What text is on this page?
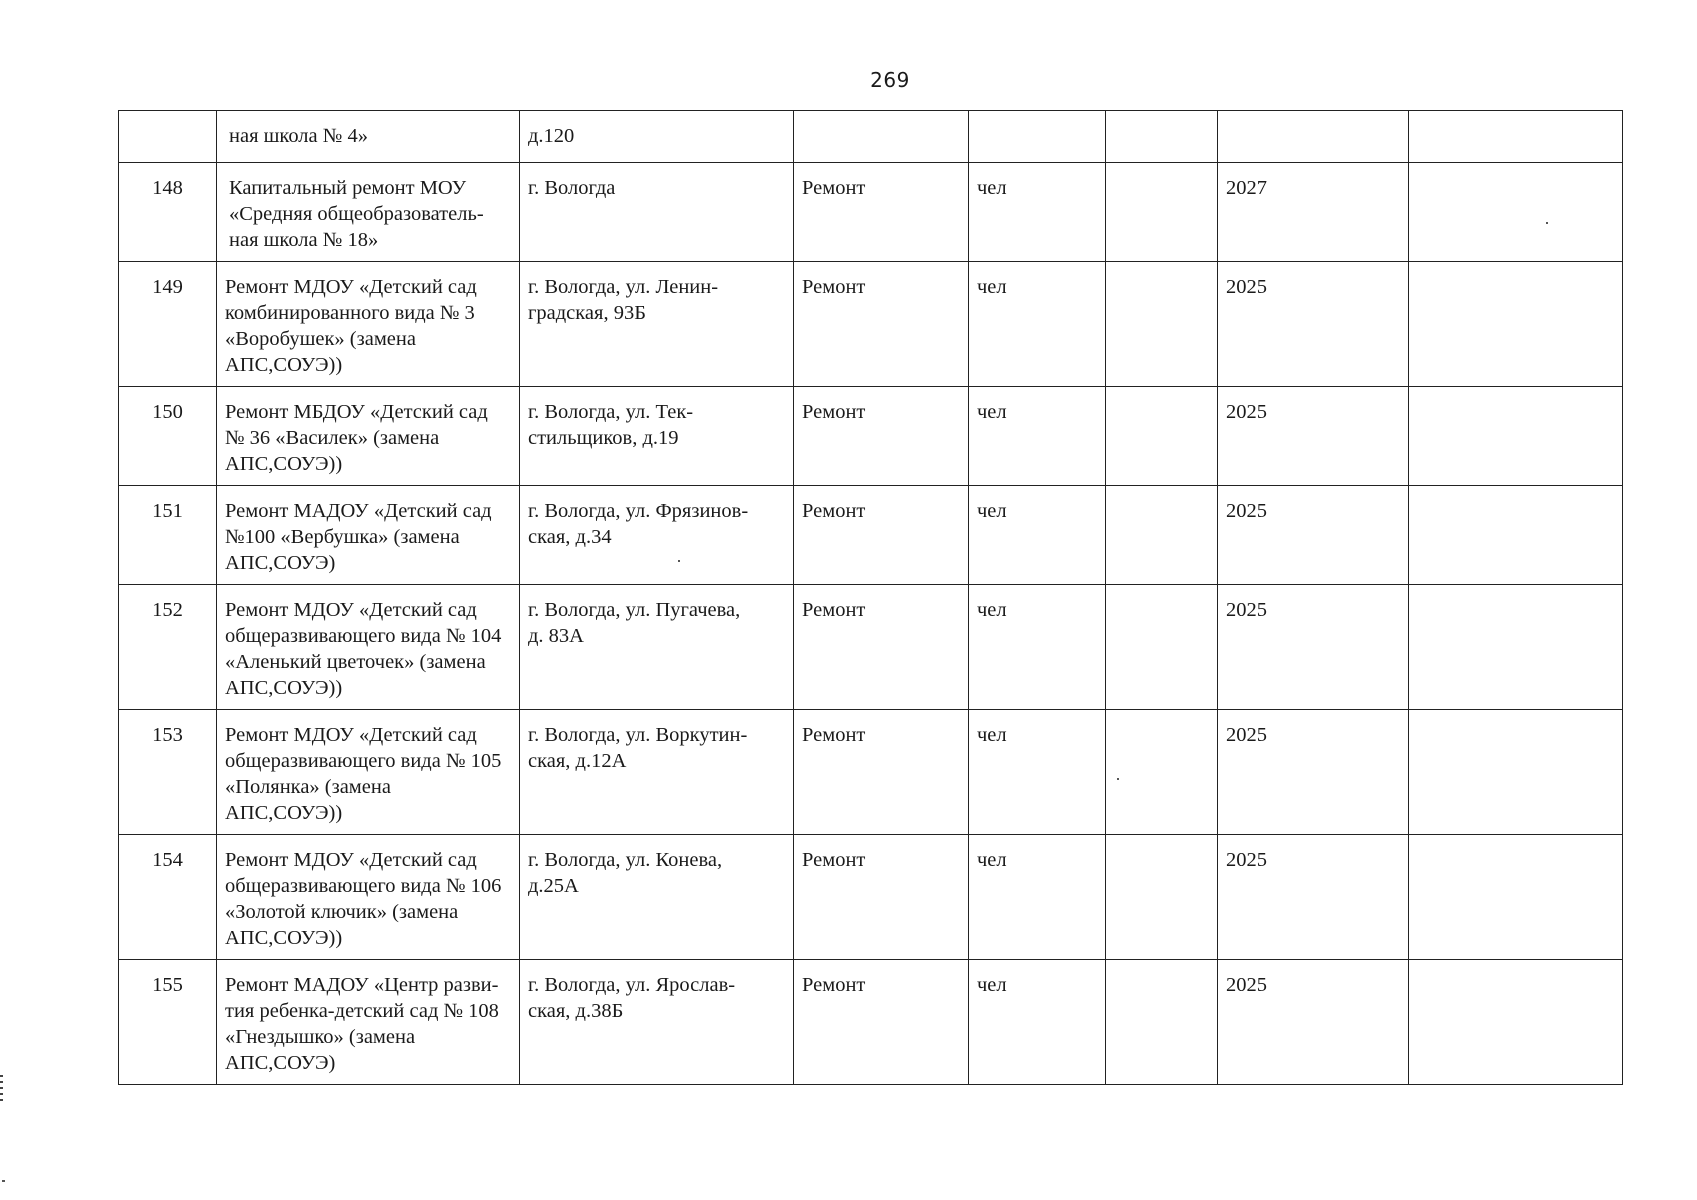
269

	ная школа № 4»	д.120					

148	Капитальный ремонт МОУ
«Средняя общеобразователь-
ная школа № 18»	г. Вологда	Ремонт	чел		2027	
149	Ремонт МДОУ «Детский сад
комбинированного вида № 3
«Воробушек» (замена
АПС,СОУЭ))	г. Вологда, ул. Ленин-
градская, 93Б	Ремонт	чел		2025	
150	Ремонт МБДОУ «Детский сад
№ 36 «Василек» (замена
АПС,СОУЭ))	г. Вологда, ул. Тек-
стильщиков, д.19	Ремонт	чел		2025	
151	Ремонт МАДОУ «Детский сад
№100 «Вербушка» (замена
АПС,СОУЭ)	г. Вологда, ул. Фрязинов-
ская, д.34	Ремонт	чел		2025	
152	Ремонт МДОУ «Детский сад
общеразвивающего вида № 104
«Аленький цветочек» (замена
АПС,СОУЭ))	г. Вологда, ул. Пугачева,
д. 83А	Ремонт	чел		2025	
153	Ремонт МДОУ «Детский сад
общеразвивающего вида № 105
«Полянка» (замена
АПС,СОУЭ))	г. Вологда, ул. Воркутин-
ская, д.12А	Ремонт	чел		2025	
154	Ремонт МДОУ «Детский сад
общеразвивающего вида № 106
«Золотой ключик» (замена
АПС,СОУЭ))	г. Вологда, ул. Конева,
д.25А	Ремонт	чел		2025	
155	Ремонт МАДОУ «Центр разви-
тия ребенка-детский сад № 108
«Гнездышко» (замена
АПС,СОУЭ)	г. Вологда, ул. Ярослав-
ская, д.38Б	Ремонт	чел		2025	
